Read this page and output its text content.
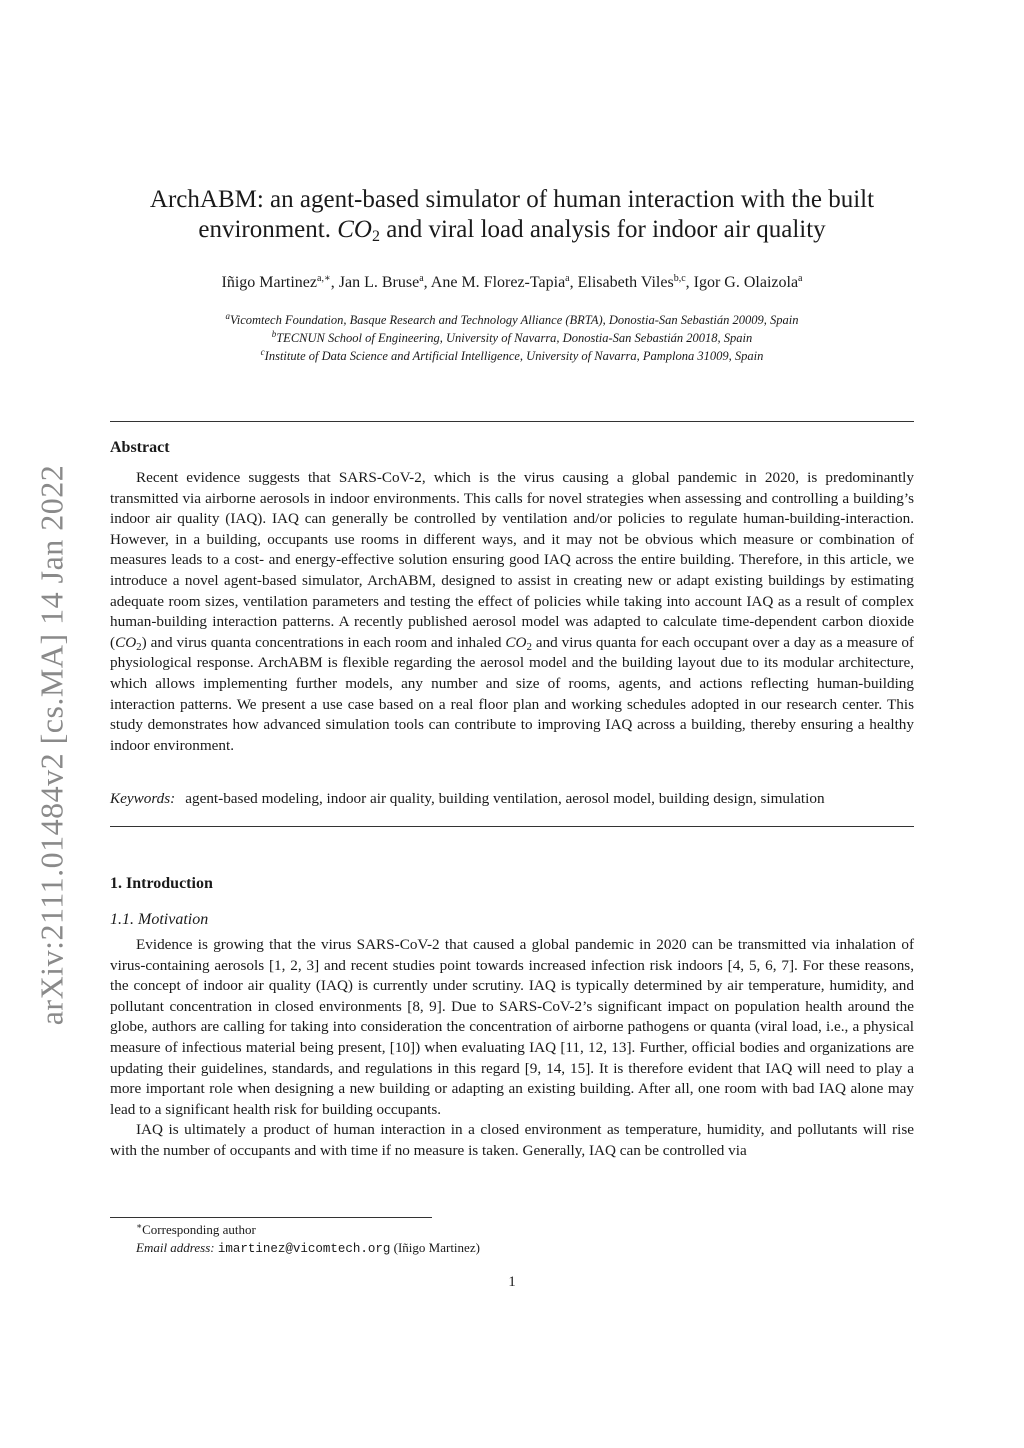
arXiv:2111.01484v2 [cs.MA] 14 Jan 2022
ArchABM: an agent-based simulator of human interaction with the built
environment. $CO_2$ and viral load analysis for indoor air quality
Iñigo Martinez$^{a,∗}$, Jan L. Bruse$^a$, Ane M. Florez-Tapia$^a$, Elisabeth Viles$^{b,c}$, Igor G. Olaizola$^a$
$^a$Vicomtech Foundation, Basque Research and Technology Alliance (BRTA), Donostia-San Sebastián 20009, Spain
$^b$TECNUN School of Engineering, University of Navarra, Donostia-San Sebastián 20018, Spain
$^c$Institute of Data Science and Artificial Intelligence, University of Navarra, Pamplona 31009, Spain
Abstract

Recent evidence suggests that SARS-CoV-2, which is the virus causing a global pandemic in 2020, is predominantly transmitted via airborne aerosols in indoor environments. This calls for novel strategies when assessing and controlling a building’s indoor air quality (IAQ). IAQ can generally be controlled by ventilation and/or policies to regulate human-building-interaction. However, in a building, occupants use rooms in different ways, and it may not be obvious which measure or combination of measures leads to a cost- and energy-effective solution ensuring good IAQ across the entire building. Therefore, in this article, we introduce a novel agent-based simulator, ArchABM, designed to assist in creating new or adapt existing buildings by estimating adequate room sizes, ventilation parameters and testing the effect of policies while taking into account IAQ as a result of complex human-building interaction patterns. A recently published aerosol model was adapted to calculate time-dependent carbon dioxide $(CO_2)$ and virus quanta concentrations in each room and inhaled $CO_2$ and virus quanta for each occupant over a day as a measure of physiological response. ArchABM is flexible regarding the aerosol model and the building layout due to its modular architecture, which allows implementing further models, any number and size of rooms, agents, and actions reflecting human-building interaction patterns. We present a use case based on a real floor plan and working schedules adopted in our research center. This study demonstrates how advanced simulation tools can contribute to improving IAQ across a building, thereby ensuring a healthy indoor environment.

Keywords: agent-based modeling, indoor air quality, building ventilation, aerosol model, building design, simulation
1. Introduction
1.1. Motivation

Evidence is growing that the virus SARS-CoV-2 that caused a global pandemic in 2020 can be transmitted via inhalation of virus-containing aerosols [1, 2, 3] and recent studies point towards increased infection risk indoors [4, 5, 6, 7]. For these reasons, the concept of indoor air quality (IAQ) is currently under scrutiny. IAQ is typically determined by air temperature, humidity, and pollutant concentration in closed environments [8, 9]. Due to SARS-CoV-2’s significant impact on population health around the globe, authors are calling for taking into consideration the concentration of airborne pathogens or quanta (viral load, i.e., a physical measure of infectious material being present, [10]) when evaluating IAQ [11, 12, 13]. Further, official bodies and organizations are updating their guidelines, standards, and regulations in this regard [9, 14, 15]. It is therefore evident that IAQ will need to play a more important role when designing a new building or adapting an existing building. After all, one room with bad IAQ alone may lead to a significant health risk for building occupants.

IAQ is ultimately a product of human interaction in a closed environment as temperature, humidity, and pollutants will rise with the number of occupants and with time if no measure is taken. Generally, IAQ can be controlled via

∗Corresponding author
Email address: imartinez@vicomtech.org (Iñigo Martinez)
1
